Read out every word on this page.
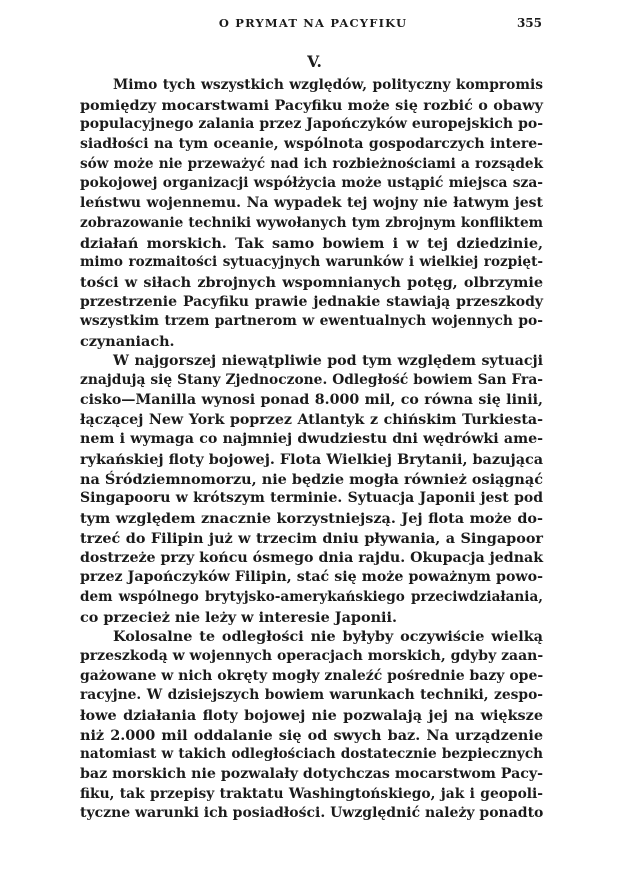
O PRYMAT NA PACYFIKU	355
V.
Mimo tych wszystkich względów, polityczny kompromis
pomiędzy mocarstwami Pacyfiku może się rozbić o obawy
populacyjnego zalania przez Japończyków europejskich po-
siadłości na tym oceanie, wspólnota gospodarczych intere-
sów może nie przeważyć nad ich rozbieżnościami a rozsądek
pokojowej organizacji współżycia może ustąpić miejsca sza-
leństwu wojennemu. Na wypadek tej wojny nie łatwym jest
zobrazowanie techniki wywołanych tym zbrojnym konfliktem
działań morskich. Tak samo bowiem i w tej dziedzinie,
mimo rozmaitości sytuacyjnych warunków i wielkiej rozpięt-
tości w siłach zbrojnych wspomnianych potęg, olbrzymie
przestrzenie Pacyfiku prawie jednakie stawiają przeszkody
wszystkim trzem partnerom w ewentualnych wojennych po-
czynaniach.
W najgorszej niewątpliwie pod tym względem sytuacji
znajdują się Stany Zjednoczone. Odległość bowiem San Fra-
cisko—Manilla wynosi ponad 8.000 mil, co równa się linii,
łączącej New York poprzez Atlantyk z chińskim Turkiesta-
nem i wymaga co najmniej dwudziestu dni wędrówki ame-
rykańskiej floty bojowej. Flota Wielkiej Brytanii, bazująca
na Śródziemnomorzu, nie będzie mogła również osiągnąć
Singapooru w krótszym terminie. Sytuacja Japonii jest pod
tym względem znacznie korzystniejszą. Jej flota może do-
trzeć do Filipin już w trzecim dniu pływania, a Singapoor
dostrzeże przy końcu ósmego dnia rajdu. Okupacja jednak
przez Japończyków Filipin, stać się może poważnym powo-
dem wspólnego brytyjsko-amerykańskiego przeciwdziałania,
co przecież nie leży w interesie Japonii.
Kolosalne te odległości nie byłyby oczywiście wielką
przeszkodą w wojennych operacjach morskich, gdyby zaan-
gażowane w nich okręty mogły znaleźć pośrednie bazy ope-
racyjne. W dzisiejszych bowiem warunkach techniki, zespo-
łowe działania floty bojowej nie pozwalają jej na większe
niż 2.000 mil oddalanie się od swych baz. Na urządzenie
natomiast w takich odległościach dostatecznie bezpiecznych
baz morskich nie pozwalały dotychczas mocarstwom Pacy-
fiku, tak przepisy traktatu Washingtońskiego, jak i geopoli-
tyczne warunki ich posiadłości. Uwzględnić należy ponadto
